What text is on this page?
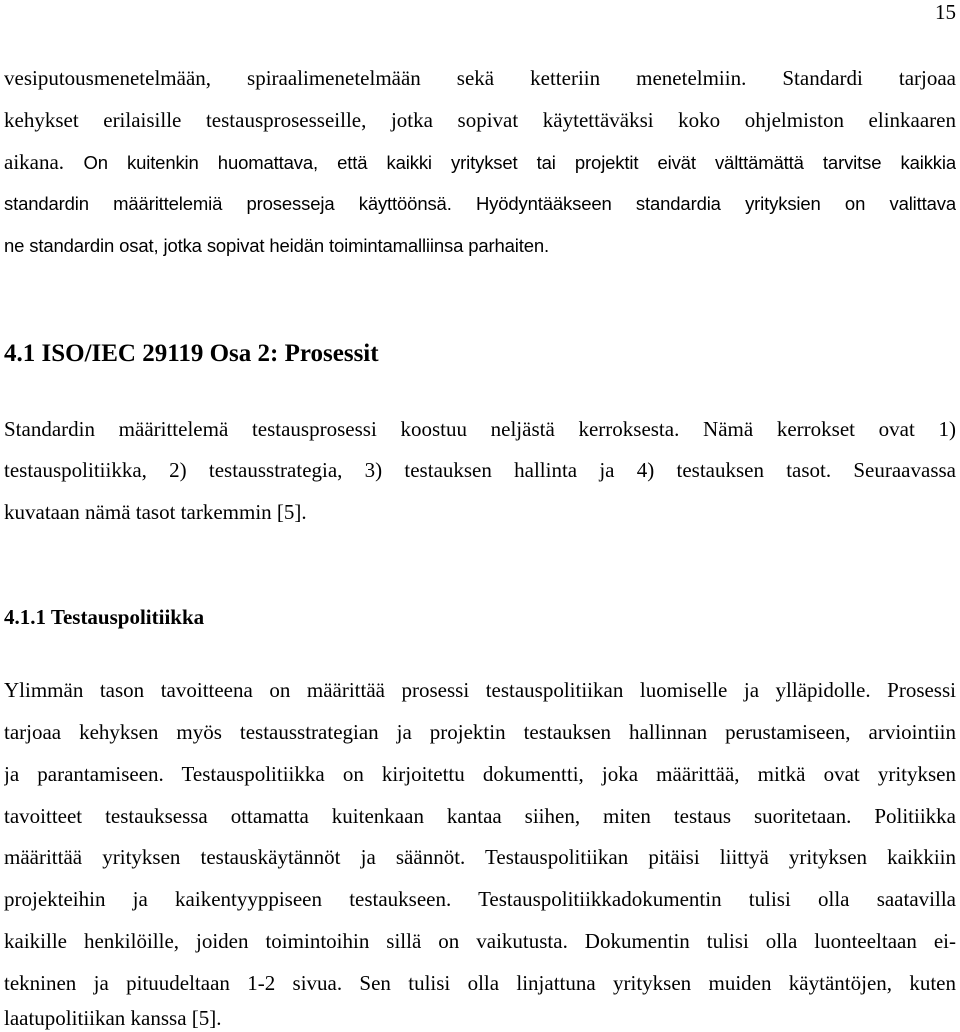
15
vesiputousmenetelmään, spiraalimenetelmään sekä ketteriin menetelmiin. Standardi tarjoaa
kehykset erilaisille testausprosesseille, jotka sopivat käytettäväksi koko ohjelmiston elinkaaren
aikana. On kuitenkin huomattava, että kaikki yritykset tai projektit eivät välttämättä tarvitse kaikkia
standardin määrittelemiä prosesseja käyttöönsä. Hyödyntääkseen standardia yrityksien on valittava
ne standardin osat, jotka sopivat heidän toimintamalliinsa parhaiten.
4.1 ISO/IEC 29119 Osa 2: Prosessit
Standardin määrittelemä testausprosessi koostuu neljästä kerroksesta. Nämä kerrokset ovat 1)
testauspolitiikka, 2) testausstrategia, 3) testauksen hallinta ja 4) testauksen tasot. Seuraavassa
kuvataan nämä tasot tarkemmin [5].
4.1.1 Testauspolitiikka
Ylimmän tason tavoitteena on määrittää prosessi testauspolitiikan luomiselle ja ylläpidolle. Prosessi
tarjoaa kehyksen myös testausstrategian ja projektin testauksen hallinnan perustamiseen, arviointiin
ja parantamiseen. Testauspolitiikka on kirjoitettu dokumentti, joka määrittää, mitkä ovat yrityksen
tavoitteet testauksessa ottamatta kuitenkaan kantaa siihen, miten testaus suoritetaan. Politiikka
määrittää yrityksen testauskäytännöt ja säännöt. Testauspolitiikan pitäisi liittyä yrityksen kaikkiin
projekteihin ja kaikentyyppiseen testaukseen. Testauspolitiikkadokumentin tulisi olla saatavilla
kaikille henkilöille, joiden toimintoihin sillä on vaikutusta. Dokumentin tulisi olla luonteeltaan ei-
tekninen ja pituudeltaan 1-2 sivua. Sen tulisi olla linjattuna yrityksen muiden käytäntöjen, kuten
laatupolitiikan kanssa [5].
